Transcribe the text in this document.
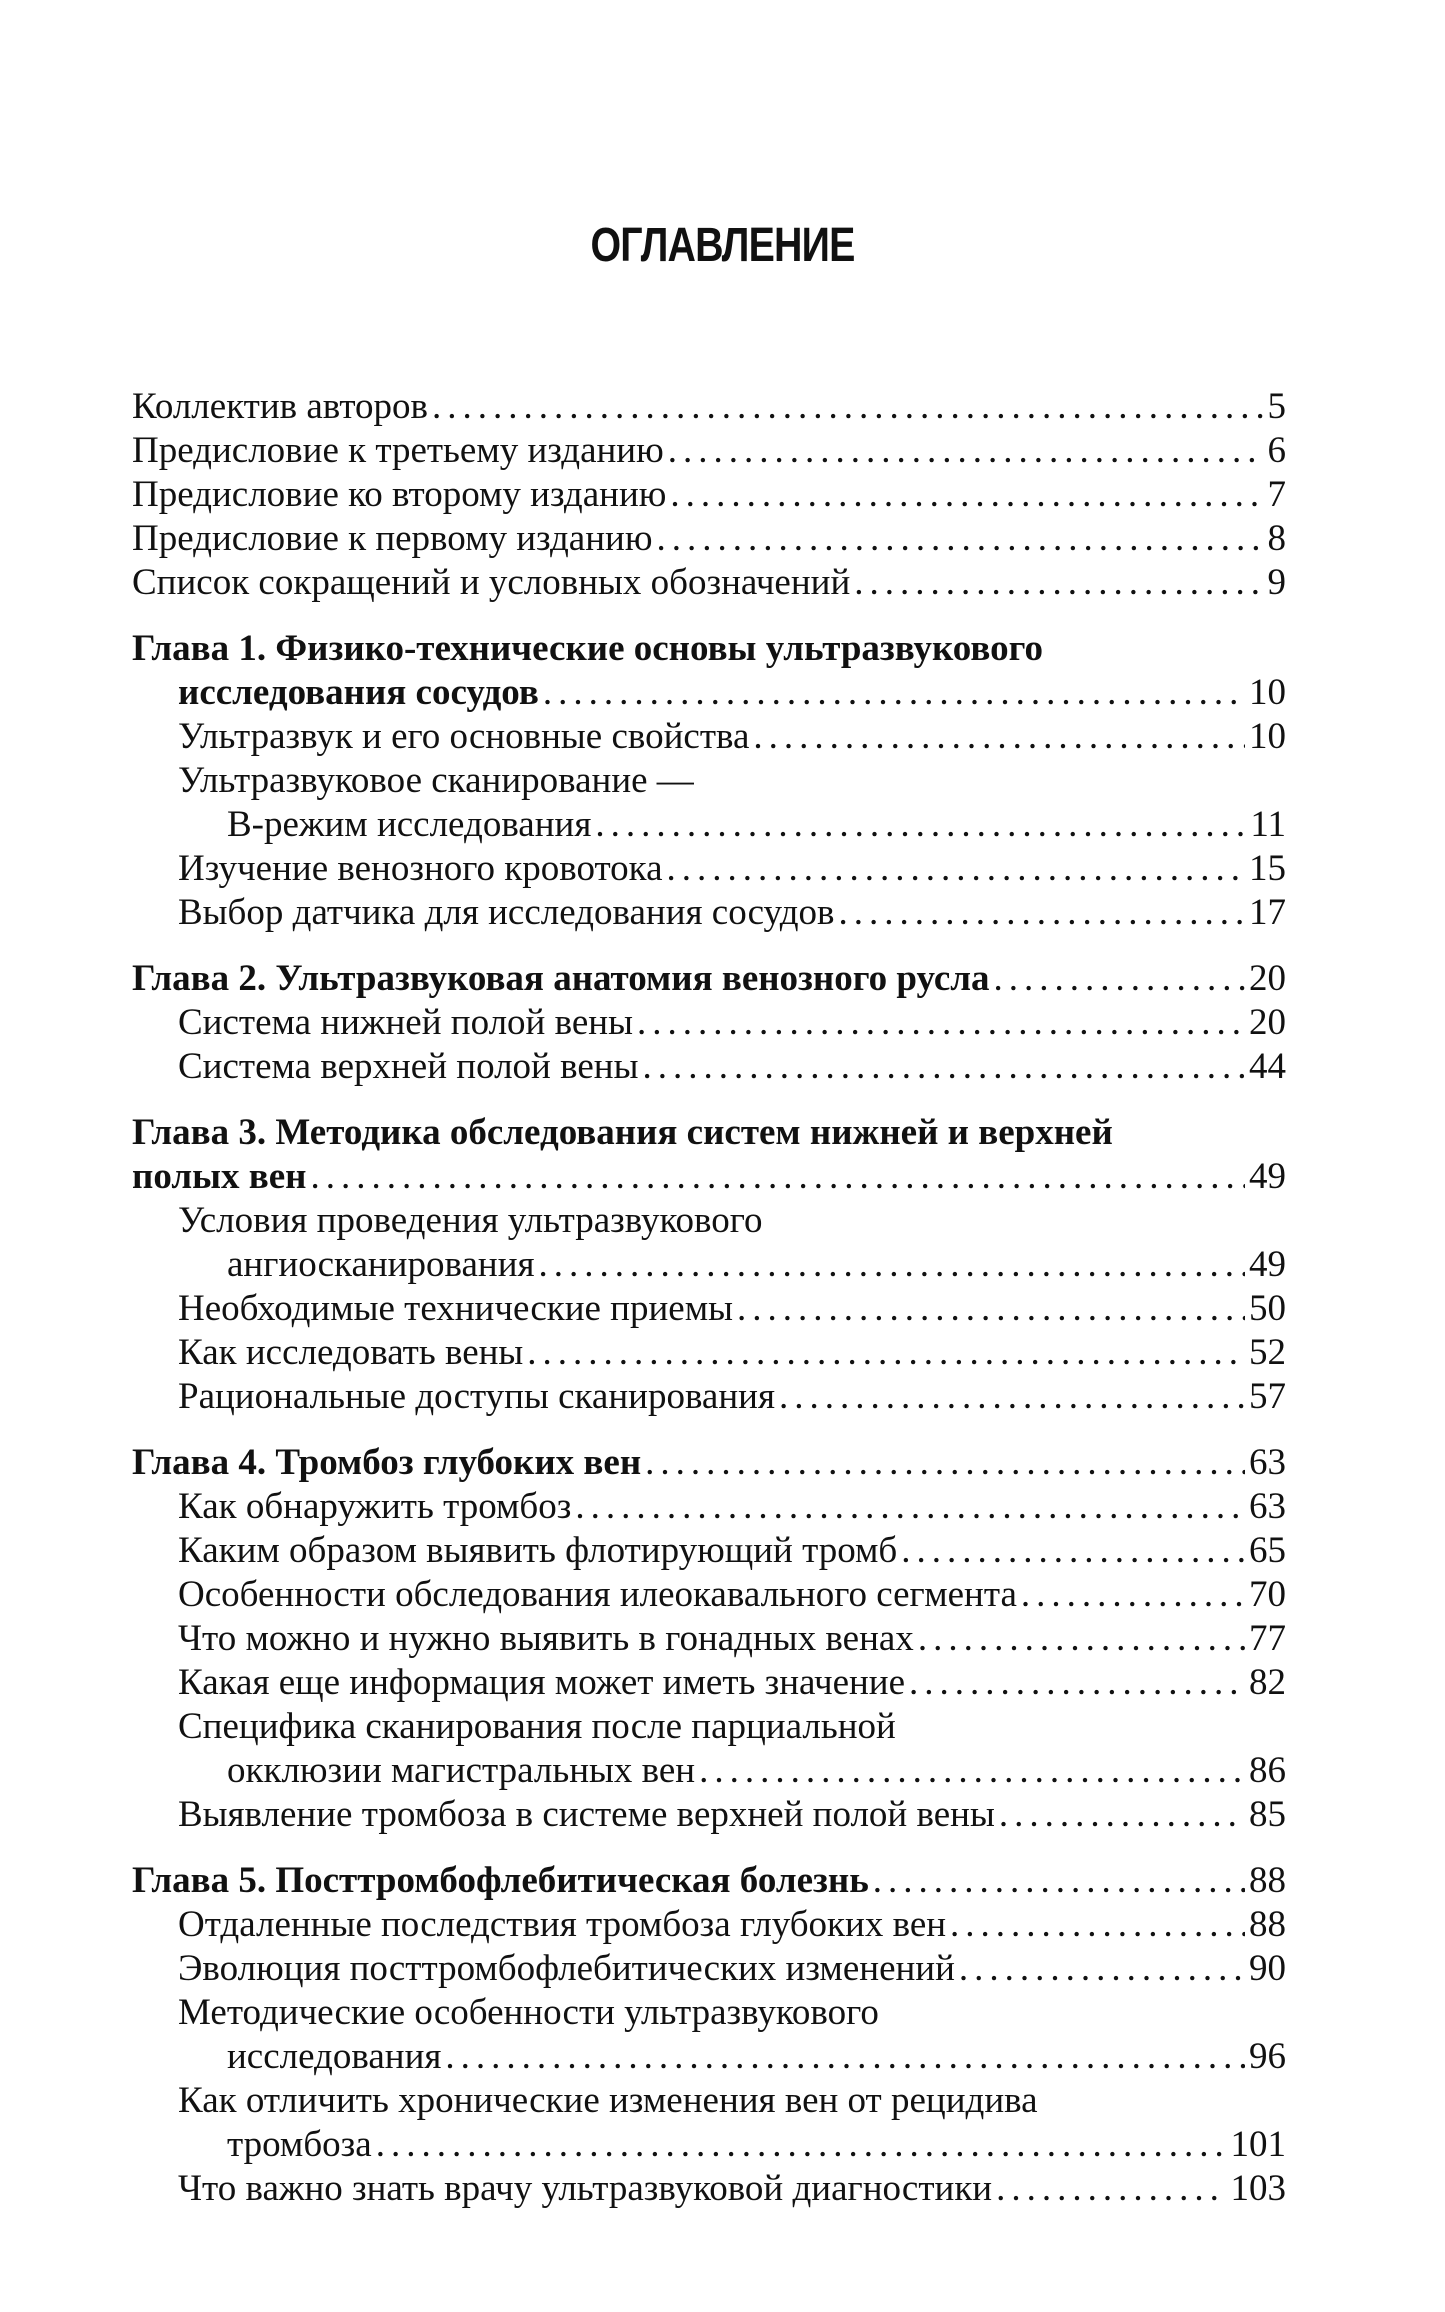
ОГЛАВЛЕНИЕ
Коллектив авторов .....	5
Предисловие к третьему изданию .....	6
Предисловие ко второму изданию .....	7
Предисловие к первому изданию .....	8
Список сокращений и условных обозначений .....	9
Глава 1. Физико-технические основы ультразвукового
исследования сосудов .....	10
Ультразвук и его основные свойства .....	10
Ультразвуковое сканирование —
В-режим исследования .....	11
Изучение венозного кровотока .....	15
Выбор датчика для исследования сосудов .....	17
Глава 2. Ультразвуковая анатомия венозного русла .....	20
Система нижней полой вены .....	20
Система верхней полой вены .....	44
Глава 3. Методика обследования систем нижней и верхней
полых вен .....	49
Условия проведения ультразвукового
ангиосканирования .....	49
Необходимые технические приемы .....	50
Как исследовать вены .....	52
Рациональные доступы сканирования .....	57
Глава 4. Тромбоз глубоких вен .....	63
Как обнаружить тромбоз .....	63
Каким образом выявить флотирующий тромб .....	65
Особенности обследования илеокавального сегмента .....	70
Что можно и нужно выявить в гонадных венах .....	77
Какая еще информация может иметь значение .....	82
Специфика сканирования после парциальной
окклюзии магистральных вен .....	86
Выявление тромбоза в системе верхней полой вены .....	85
Глава 5. Посттромбофлебитическая болезнь .....	88
Отдаленные последствия тромбоза глубоких вен .....	88
Эволюция посттромбофлебитических изменений .....	90
Методические особенности ультразвукового
исследования .....	96
Как отличить хронические изменения вен от рецидива
тромбоза .....	101
Что важно знать врачу ультразвуковой диагностики .....	103
